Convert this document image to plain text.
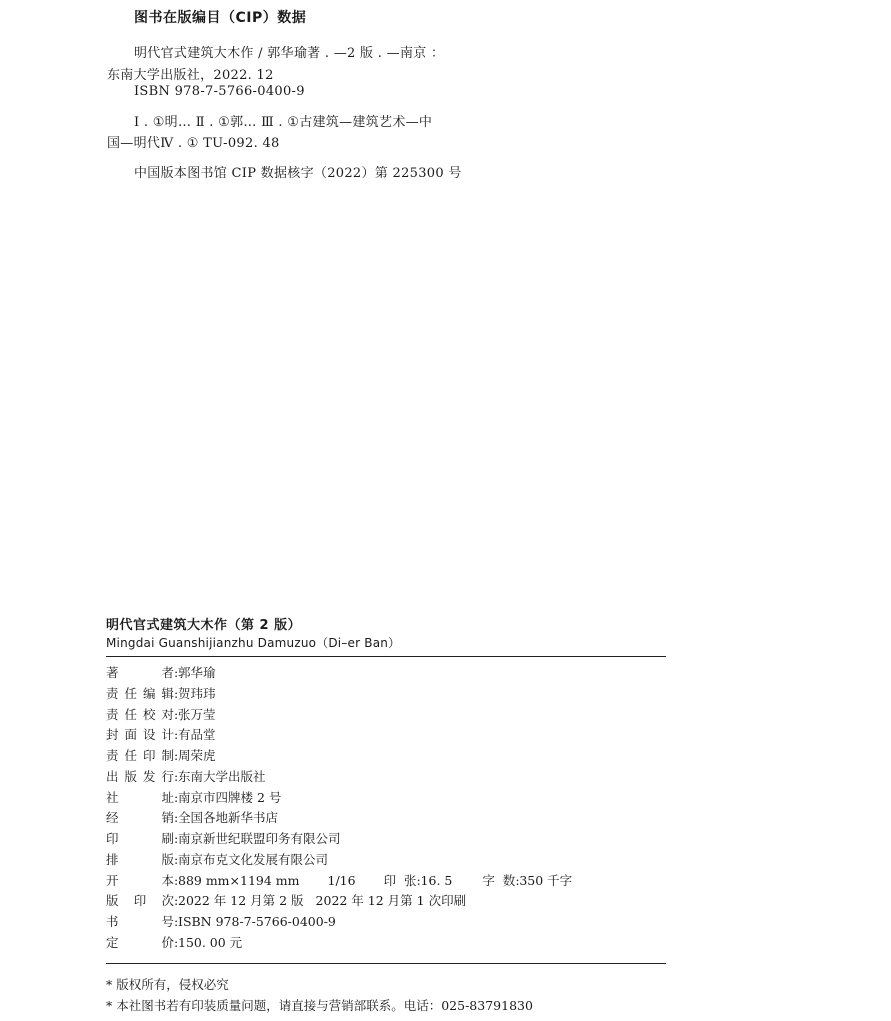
图书在版编目（CIP）数据
明代官式建筑大木作 / 郭华瑜著 . —2 版 . —南京 ：
东南大学出版社，2022. 12
ISBN 978-7-5766-0400-9
Ⅰ . ①明… Ⅱ . ①郭… Ⅲ . ①古建筑—建筑艺术—中
国—明代Ⅳ . ① TU-092. 48
中国版本图书馆 CIP 数据核字（2022）第 225300 号
明代官式建筑大木作（第 2 版）
Mingdai Guanshijianzhu Damuzuo（Di–er Ban）
著者 : 郭华瑜
责任编辑 : 贺玮玮
责任校对 : 张万莹
封面设计 : 有品堂
责任印制 : 周荣虎
出版发行 : 东南大学出版社
社址 : 南京市四牌楼 2 号
经销 : 全国各地新华书店
印刷 : 南京新世纪联盟印务有限公司
排版 : 南京布克文化发展有限公司
开本 : 889 mm×1194 mm 1/16 印  张 : 16. 5 字  数 : 350 千字
版印次 : 2022 年 12 月第 2 版 2022 年 12 月第 1 次印刷
书号 : ISBN 978-7-5766-0400-9
定价 : 150. 00 元
* 版权所有，侵权必究
* 本社图书若有印装质量问题，请直接与营销部联系。电话：025-83791830
